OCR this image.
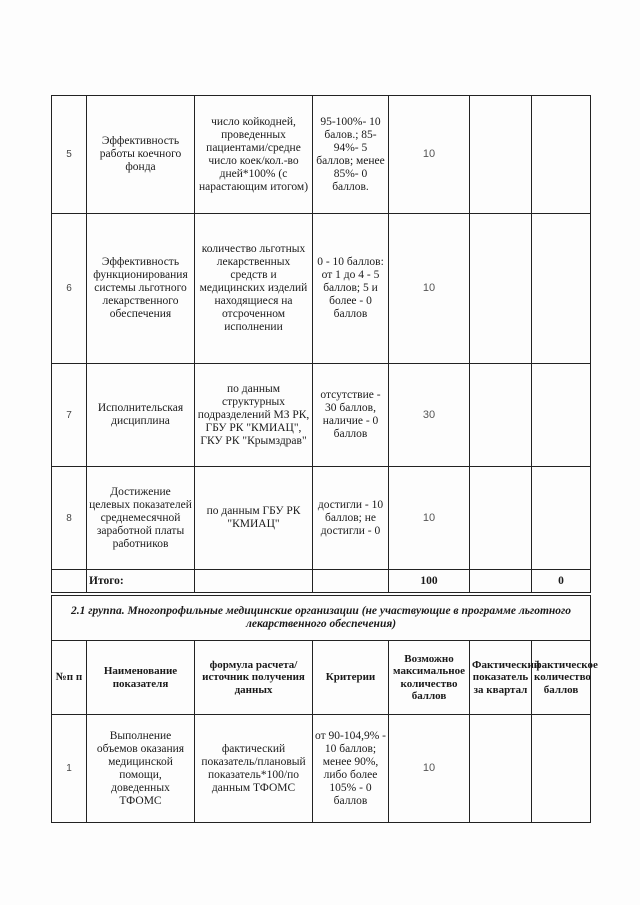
5	Эффективность работы коечного фонда	число койкодней, проведенных пациентами/средне число коек/кол.-во дней*100% (с нарастающим итогом)	95-100%- 10 балов.; 85-94%- 5 баллов; менее 85%- 0 баллов.	10		
6	Эффективность функционирования системы льготного лекарственного обеспечения	количество льготных лекарственных средств и медицинских изделий находящиеся на отсроченном исполнении	0 - 10 баллов: от 1 до 4 - 5 баллов; 5 и более - 0 баллов	10		
7	Исполнительская дисциплина	по данным структурных подразделений МЗ РК, ГБУ РК "КМИАЦ", ГКУ РК "Крымздрав"	отсутствие - 30 баллов, наличие - 0 баллов	30		
8	Достижение целевых показателей среднемесячной заработной платы работников	по данным ГБУ РК "КМИАЦ"	достигли - 10 баллов; не достигли - 0	10		
	Итого:			100		0
2.1 группа. Многопрофильные медицинские организации (не участвующие в программе льготного лекарственного обеспечения)						
№п п	Наименование показателя	формула расчета/источник получения данных	Критерии	Возможно максимальное количество баллов	Фактический показатель за квартал	фактическое количество баллов
1	Выполнение объемов оказания медицинской помощи, доведенных ТФОМС	фактический показатель/плановый показатель*100/по данным ТФОМС	от 90-104,9% - 10 баллов; менее 90%, либо более 105% - 0 баллов	10		
